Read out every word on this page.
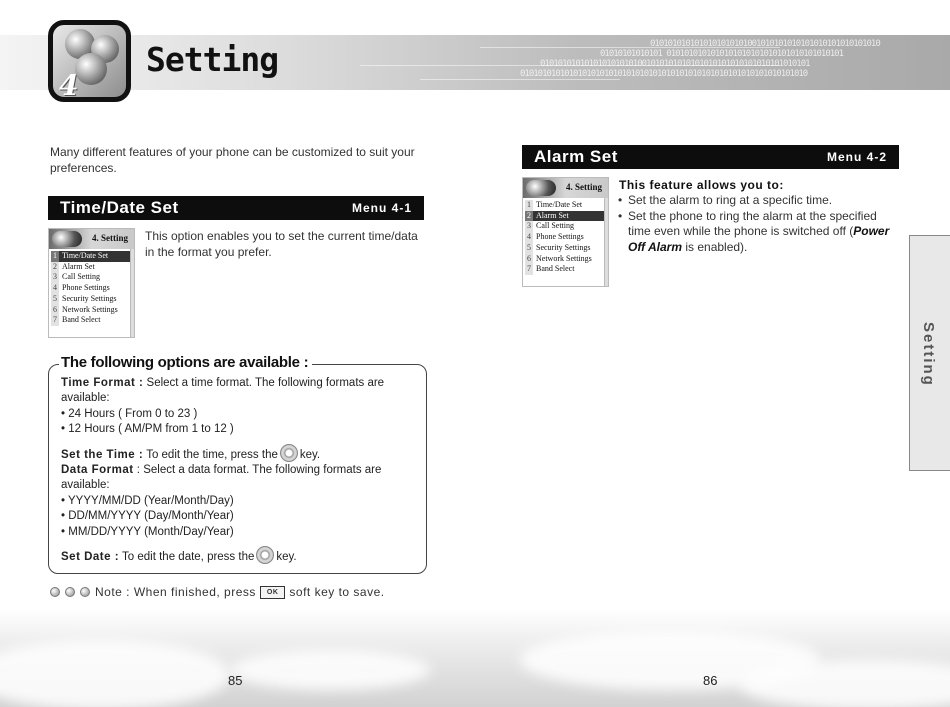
0101010101010101010101001010101010101010101010101010
01010101010101 0101010101010101010101010101010101010101
0101010101010101010101001010101010101010101010101010101010101
01010101010101010101010101010101010101010101010101010101010101010
4
Setting
Many different features of your phone can be customized to suit your preferences.
Time/Date Set	Menu 4-1
4. Setting
1 Time/Date Set
2 Alarm Set
3 Call Setting
4 Phone Settings
5 Security Settings
6 Network Settings
7 Band Select
This option enables you to set the current time/data in the format you prefer.

Time Format : Select a time format. The following formats are available:

• 24 Hours ( From 0 to 23 )

• 12 Hours ( AM/PM from 1 to 12 )

Set the Time : To edit the time, press the key.

Data Format : Select a data format. The following formats are available:

• YYYY/MM/DD (Year/Month/Day)

• DD/MM/YYYY (Day/Month/Year)

• MM/DD/YYYY (Month/Day/Year)

Set Date : To edit the date, press the key.

The following options are available :
Note : When finished, press	OK soft key to save.
Alarm Set	Menu 4-2
4. Setting
1 Time/Date Set
2 Alarm Set
3 Call Setting
4 Phone Settings
5 Security Settings
6 Network Settings
7 Band Select
This feature allows you to:
• Set the alarm to ring at a specific time.
• Set the phone to ring the alarm at the specified time even while the phone is switched off (Power Off Alarm is enabled).
Setting
85	86
